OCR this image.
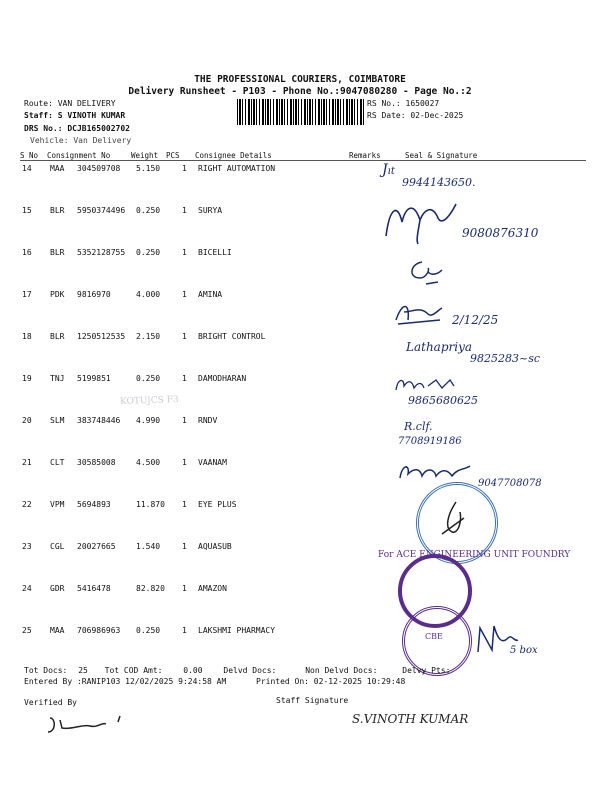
THE PROFESSIONAL COURIERS, COIMBATORE
Delivery Runsheet - P103 - Phone No.:9047080280 - Page No.:2
Route: VAN DELIVERY
Staff: S VINOTH KUMAR
DRS No.: DCJB165002702
Vehicle: Van Delivery
RS No.: 1650027
RS Date: 02-Dec-2025
S No Consignment No	Weight PCS Consignee Details	Remarks	Seal & Signature
14 MAA 304509708 5.150	1 RIGHT AUTOMATION
15 BLR 5950374496 0.250	1 SURYA
16 BLR 5352128755 0.250	1 BICELLI
17 PDK 9816970	4.000	1 AMINA
18 BLR 1250512535 2.150	1 BRIGHT CONTROL
19 TNJ 5199851	0.250	1 DAMODHARAN
20 SLM 383748446 4.990	1 RNDV
21 CLT 30585008	4.500	1 VAANAM
22 VPM 5694893	11.870 1 EYE PLUS
23 CGL 20027665	1.540	1 AQUASUB
24 GDR 5416478	82.820 1 AMAZON
25 MAA 706986963 0.250	1 LAKSHMI PHARMACY
Jıt
9944143650.
9080876310
2/12/25
Lathapriya
9825283~sc
9865680625
KOTUJCS F3
R.clf.
7708919186
9047708078
For ACE ENGINEERING UNIT FOUNDRY
CBE
5 box
Tot Docs: 25 Tot COD Amt:	0.00	Delvd Docs:	Non Delvd Docs:	Delvy Pts:
Entered By :RANIP103 12/02/2025 9:24:58 AM	Printed On: 02-12-2025 10:29:48
Verified By	Staff Signature
S.VINOTH KUMAR
